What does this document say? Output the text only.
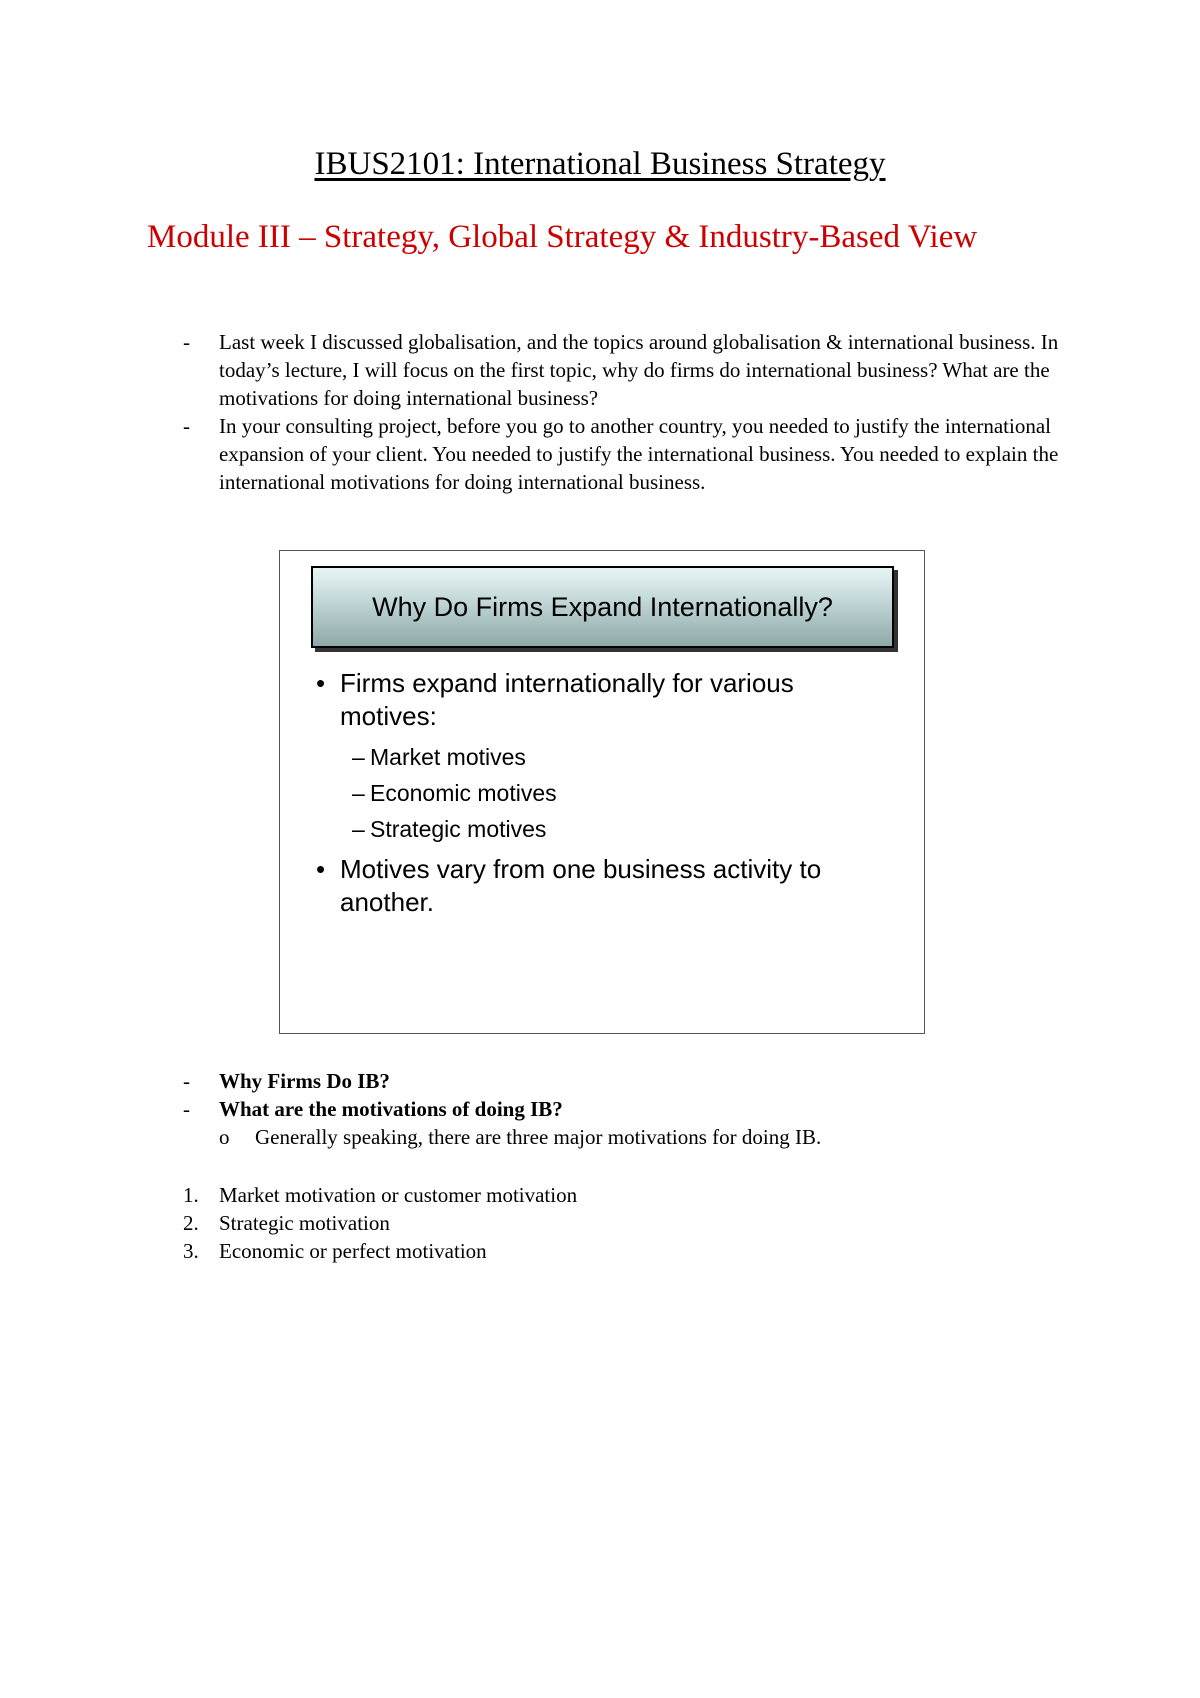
IBUS2101: International Business Strategy
Module III – Strategy, Global Strategy & Industry-Based View
- Last week I discussed globalisation, and the topics around globalisation & international business. In today’s lecture, I will focus on the first topic, why do firms do international business? What are the motivations for doing international business?
- In your consulting project, before you go to another country, you needed to justify the international expansion of your client. You needed to justify the international business. You needed to explain the international motivations for doing international business.
Why Do Firms Expand Internationally?
• Firms expand internationally for various motives:
– Market motives
– Economic motives
– Strategic motives
• Motives vary from one business activity to another.
- Why Firms Do IB?
- What are the motivations of doing IB?
o Generally speaking, there are three major motivations for doing IB.
1. Market motivation or customer motivation
2. Strategic motivation
3. Economic or perfect motivation
